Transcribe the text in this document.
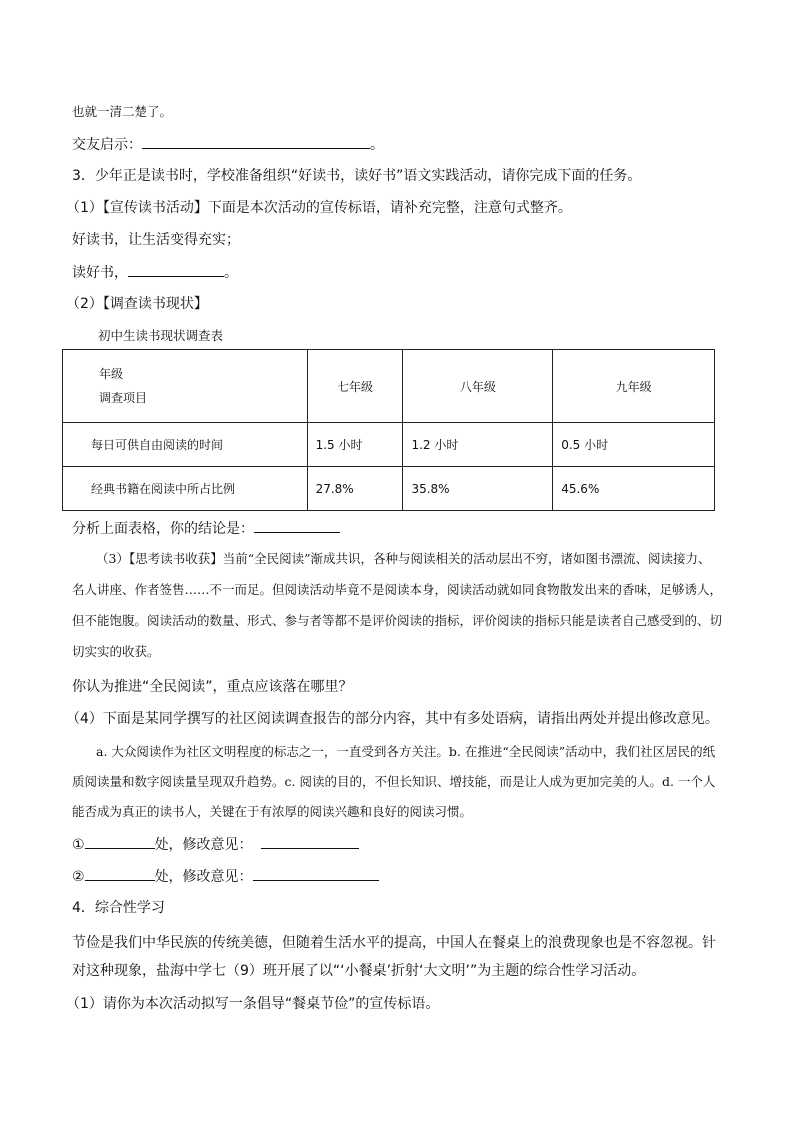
也就一清二楚了。
交友启示：	。
3．少年正是读书时，学校准备组织“好读书，读好书”语文实践活动，请你完成下面的任务。
（1）【宣传读书活动】下面是本次活动的宣传标语，请补充完整，注意句式整齐。
好读书，让生活变得充实；
读好书，	。
（2）【调查读书现状】
初中生读书现状调查表
年级
调查项目	七年级	八年级	九年级
每日可供自由阅读的时间	1.5 小时	1.2 小时	0.5 小时
经典书籍在阅读中所占比例	27.8%	35.8%	45.6%
分析上面表格，你的结论是：
（3）【思考读书收获】当前“全民阅读”渐成共识，各种与阅读相关的活动层出不穷，诸如图书漂流、阅读接力、名人讲座、作者签售……不一而足。但阅读活动毕竟不是阅读本身，阅读活动就如同食物散发出来的香味，足够诱人，但不能饱腹。阅读活动的数量、形式、参与者等都不是评价阅读的指标，评价阅读的指标只能是读者自己感受到的、切切实实的收获。
你认为推进“全民阅读”，重点应该落在哪里？
（4）下面是某同学撰写的社区阅读调查报告的部分内容，其中有多处语病，请指出两处并提出修改意见。
a. 大众阅读作为社区文明程度的标志之一，一直受到各方关注。b. 在推进“全民阅读”活动中，我们社区居民的纸质阅读量和数字阅读量呈现双升趋势。c. 阅读的目的，不但长知识、增技能，而是让人成为更加完美的人。d. 一个人能否成为真正的读书人，关键在于有浓厚的阅读兴趣和良好的阅读习惯。
①	处，修改意见：
②	处，修改意见：
4．综合性学习
节俭是我们中华民族的传统美德，但随着生活水平的提高，中国人在餐桌上的浪费现象也是不容忽视。针对这种现象，盐海中学七（9）班开展了以“‘小餐桌’折射‘大文明’”为主题的综合性学习活动。
（1）请你为本次活动拟写一条倡导“餐桌节俭”的宣传标语。
